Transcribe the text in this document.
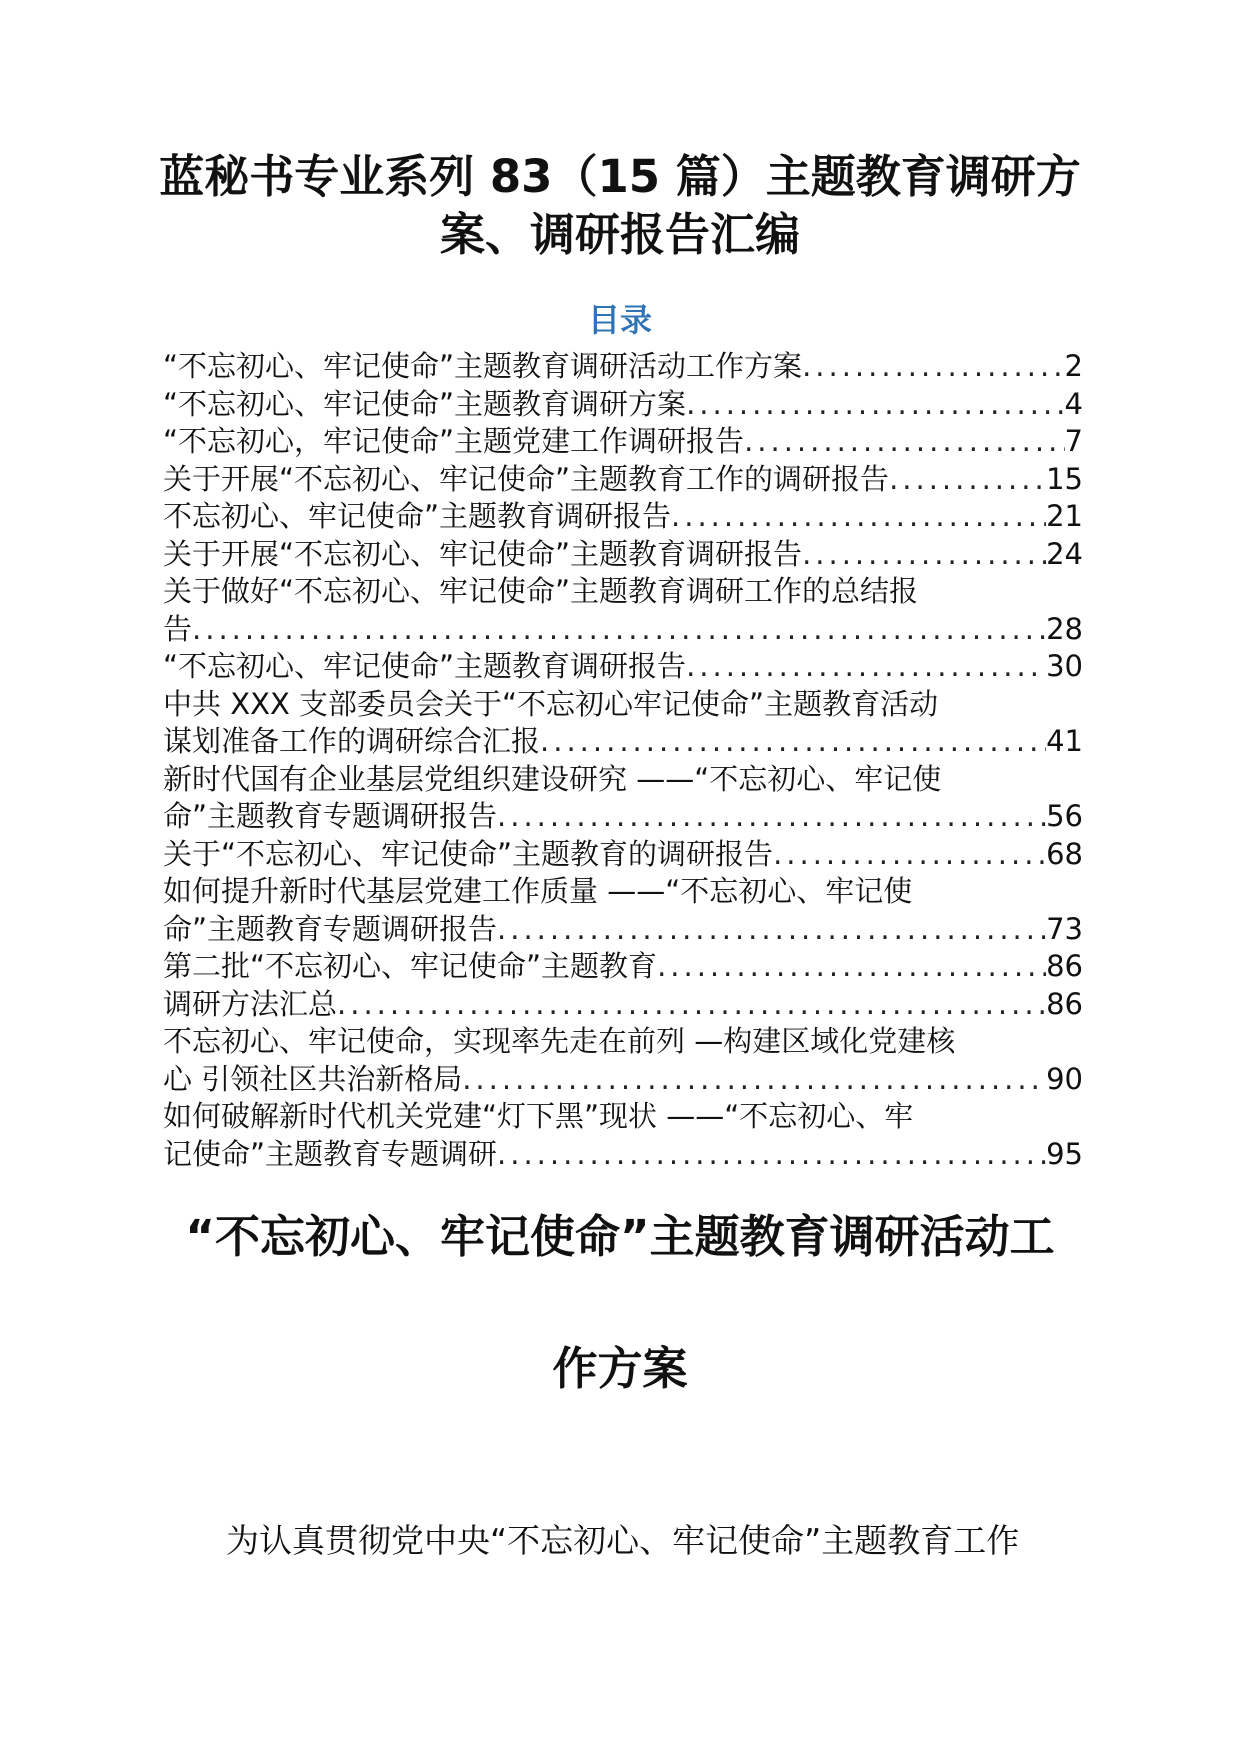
蓝秘书专业系列 83（15 篇）主题教育调研方
案、调研报告汇编
目录
“不忘初心、牢记使命”主题教育调研活动工作方案 .....	2
“不忘初心、牢记使命”主题教育调研方案 .....	4
“不忘初心，牢记使命”主题党建工作调研报告 .....	7
关于开展“不忘初心、牢记使命”主题教育工作的调研报告 .....	15
不忘初心、牢记使命”主题教育调研报告 .....	21
关于开展“不忘初心、牢记使命”主题教育调研报告 .....	24
关于做好“不忘初心、牢记使命”主题教育调研工作的总结报
告 .....	28
“不忘初心、牢记使命”主题教育调研报告 .....	30
中共 XXX 支部委员会关于“不忘初心牢记使命”主题教育活动
谋划准备工作的调研综合汇报 .....	41
新时代国有企业基层党组织建设研究 ——“不忘初心、牢记使
命”主题教育专题调研报告 .....	56
关于“不忘初心、牢记使命”主题教育的调研报告 .....	68
如何提升新时代基层党建工作质量 ——“不忘初心、牢记使
命”主题教育专题调研报告 .....	73
第二批“不忘初心、牢记使命”主题教育 .....	86
调研方法汇总 .....	86
不忘初心、牢记使命，实现率先走在前列 —构建区域化党建核
心 引领社区共治新格局 .....	90
如何破解新时代机关党建“灯下黑”现状 ——“不忘初心、牢
记使命”主题教育专题调研 .....	95
“不忘初心、牢记使命”主题教育调研活动工
作方案
为认真贯彻党中央“不忘初心、牢记使命”主题教育工作
